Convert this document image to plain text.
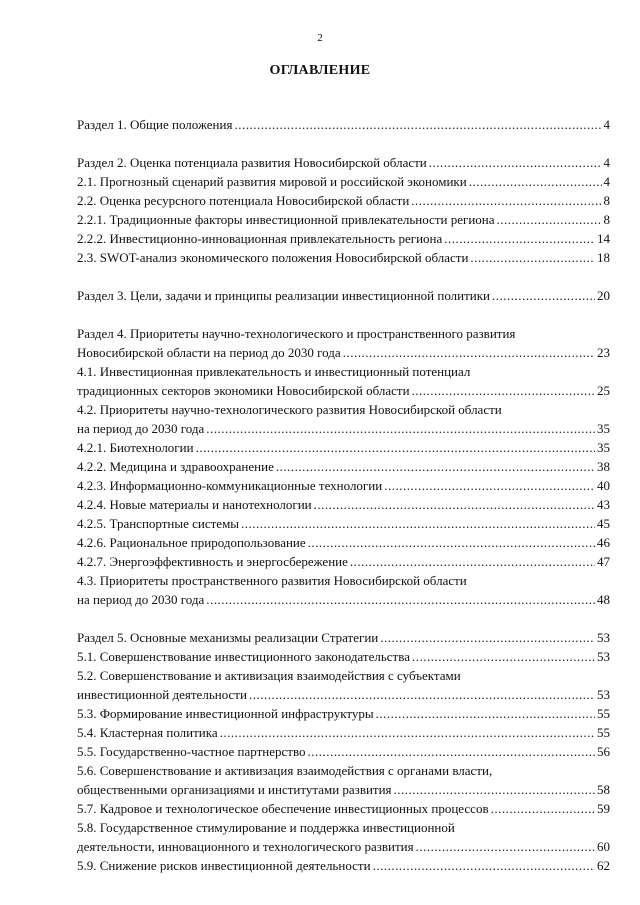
2
ОГЛАВЛЕНИЕ
Раздел 1. Общие положения .....	4
Раздел 2. Оценка потенциала развития Новосибирской области .....	4
2.1. Прогнозный сценарий развития мировой и российской экономики .....	4
2.2. Оценка ресурсного потенциала Новосибирской области .....	8
2.2.1. Традиционные факторы инвестиционной привлекательности региона .....	8
2.2.2. Инвестиционно-инновационная привлекательность региона .....	14
2.3. SWOT-анализ экономического положения Новосибирской области .....	18
Раздел 3. Цели, задачи и принципы реализации инвестиционной политики .....	20
Раздел 4. Приоритеты научно-технологического и пространственного развития
Новосибирской области на период до 2030 года .....	23
4.1. Инвестиционная привлекательность и инвестиционный потенциал
традиционных секторов экономики Новосибирской области .....	25
4.2. Приоритеты научно-технологического развития Новосибирской области
на период до 2030 года .....	35
4.2.1. Биотехнологии .....	35
4.2.2. Медицина и здравоохранение .....	38
4.2.3. Информационно-коммуникационные технологии .....	40
4.2.4. Новые материалы и нанотехнологии .....	43
4.2.5. Транспортные системы .....	45
4.2.6. Рациональное природопользование .....	46
4.2.7. Энергоэффективность и энергосбережение .....	47
4.3. Приоритеты пространственного развития Новосибирской области
на период до 2030 года .....	48
Раздел 5. Основные механизмы реализации Стратегии .....	53
5.1. Совершенствование инвестиционного законодательства .....	53
5.2. Совершенствование и активизация взаимодействия с субъектами
инвестиционной деятельности .....	53
5.3. Формирование инвестиционной инфраструктуры .....	55
5.4. Кластерная политика .....	55
5.5. Государственно-частное партнерство .....	56
5.6. Совершенствование и активизация взаимодействия с органами власти,
общественными организациями и институтами развития .....	58
5.7. Кадровое и технологическое обеспечение инвестиционных процессов .....	59
5.8. Государственное стимулирование и поддержка инвестиционной
деятельности, инновационного и технологического развития .....	60
5.9. Снижение рисков инвестиционной деятельности .....	62
